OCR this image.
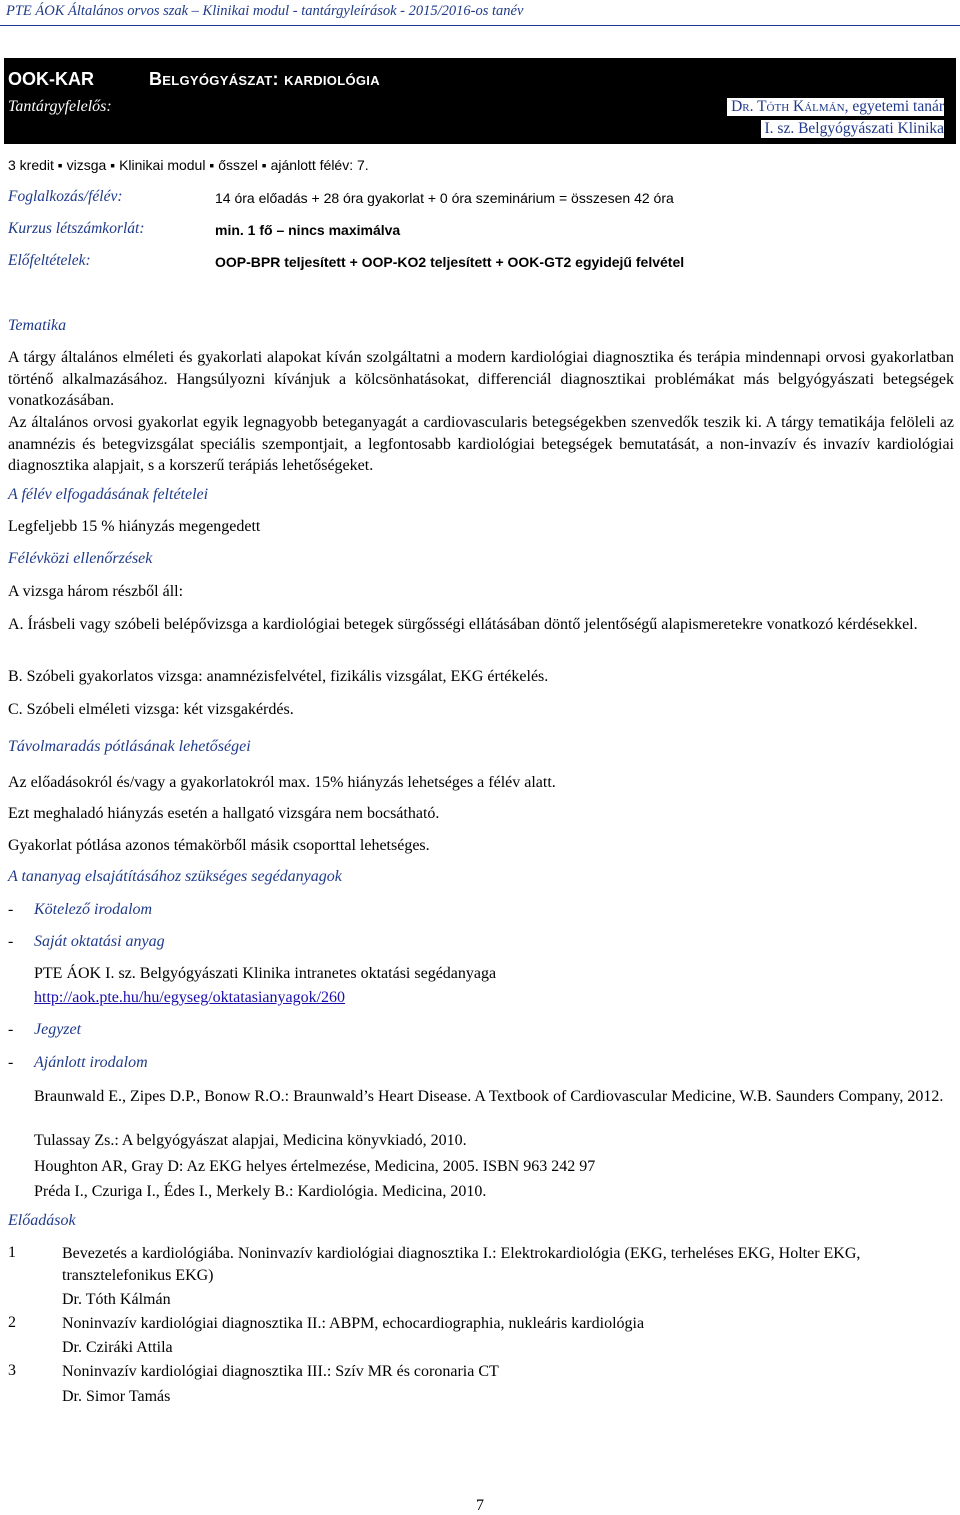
PTE ÁOK Általános orvos szak – Klinikai modul - tantárgyleírások - 2015/2016-os tanév
OOK-KAR	Belgyógyászat: kardiológia
Tantárgyfelelős:	Dr. Tóth Kálmán, egyetemi tanár
I. sz. Belgyógyászati Klinika
3 kredit ▪ vizsga ▪ Klinikai modul ▪ ősszel ▪ ajánlott félév: 7.
Foglalkozás/félév:	14 óra előadás + 28 óra gyakorlat + 0 óra szeminárium = összesen 42 óra
Kurzus létszámkorlát:	min. 1 fő – nincs maximálva
Előfeltételek:	OOP-BPR teljesített + OOP-KO2 teljesített + OOK-GT2 egyidejű felvétel
Tematika
A tárgy általános elméleti és gyakorlati alapokat kíván szolgáltatni a modern kardiológiai diagnosztika és terápia mindennapi orvosi gyakorlatban történő alkalmazásához. Hangsúlyozni kívánjuk a kölcsönhatásokat, differenciál diagnosztikai problémákat más belgyógyászati betegségek vonatkozásában.
Az általános orvosi gyakorlat egyik legnagyobb beteganyagát a cardiovascularis betegségekben szenvedők teszik ki. A tárgy tematikája felöleli az anamnézis és betegvizsgálat speciális szempontjait, a legfontosabb kardiológiai betegségek bemutatását, a non-invazív és invazív kardiológiai diagnosztika alapjait, s a korszerű terápiás lehetőségeket.
A félév elfogadásának feltételei
Legfeljebb 15 % hiányzás megengedett
Félévközi ellenőrzések
A vizsga három részből áll:
A. Írásbeli vagy szóbeli belépővizsga a kardiológiai betegek sürgősségi ellátásában döntő jelentőségű alapismeretekre vonatkozó kérdésekkel.
B. Szóbeli gyakorlatos vizsga: anamnézisfelvétel, fizikális vizsgálat, EKG értékelés.
C. Szóbeli elméleti vizsga: két vizsgakérdés.
Távolmaradás pótlásának lehetőségei
Az előadásokról és/vagy a gyakorlatokról max. 15% hiányzás lehetséges a félév alatt.
Ezt meghaladó hiányzás esetén a hallgató vizsgára nem bocsátható.
Gyakorlat pótlása azonos témakörből másik csoporttal lehetséges.
A tananyag elsajátításához szükséges segédanyagok
- Kötelező irodalom
- Saját oktatási anyag
PTE ÁOK I. sz. Belgyógyászati Klinika intranetes oktatási segédanyaga
http://aok.pte.hu/hu/egyseg/oktatasianyagok/260
- Jegyzet
- Ajánlott irodalom
Braunwald E., Zipes D.P., Bonow R.O.: Braunwald’s Heart Disease. A Textbook of Cardiovascular Medicine, W.B. Saunders Company, 2012.
Tulassay Zs.: A belgyógyászat alapjai, Medicina könyvkiadó, 2010.
Houghton AR, Gray D: Az EKG helyes értelmezése, Medicina, 2005. ISBN 963 242 97
Préda I., Czuriga I., Édes I., Merkely B.: Kardiológia. Medicina, 2010.
Előadások
1	Bevezetés a kardiológiába. Noninvazív kardiológiai diagnosztika I.: Elektrokardiológia (EKG, terheléses EKG, Holter EKG, transztelefonikus EKG)
Dr. Tóth Kálmán
2	Noninvazív kardiológiai diagnosztika II.: ABPM, echocardiographia, nukleáris kardiológia
Dr. Cziráki Attila
3	Noninvazív kardiológiai diagnosztika III.: Szív MR és coronaria CT
Dr. Simor Tamás
7
